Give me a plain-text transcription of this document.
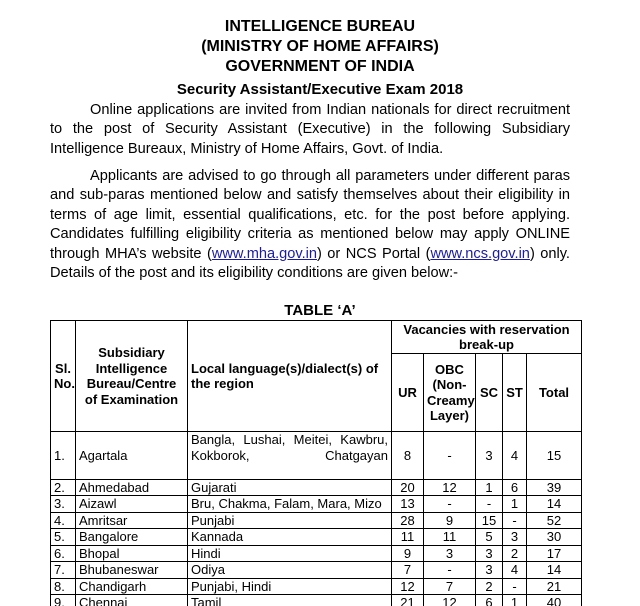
INTELLIGENCE BUREAU
(MINISTRY OF HOME AFFAIRS)
GOVERNMENT OF INDIA
Security Assistant/Executive Exam 2018

Online applications are invited from Indian nationals for direct recruitment to the post of Security Assistant (Executive) in the following Subsidiary Intelligence Bureaux, Ministry of Home Affairs, Govt. of India.

Applicants are advised to go through all parameters under different paras and sub-paras mentioned below and satisfy themselves about their eligibility in terms of age limit, essential qualifications, etc. for the post before applying. Candidates fulfilling eligibility criteria as mentioned below may apply ONLINE through MHA’s website (www.mha.gov.in) or NCS Portal (www.ncs.gov.in) only. Details of the post and its eligibility conditions are given below:-

TABLE ‘A’
Sl. No.	Subsidiary Intelligence Bureau/Centre of Examination	Local language(s)/dialect(s) of the region	Vacancies with reservation break-up				
			UR	OBC (Non-Creamy Layer)	SC	ST	Total
1.	Agartala	Bangla, Lushai, Meitei, Kawbru, Kokborok, Chatgayan	8	-	3	4	15
2.	Ahmedabad	Gujarati	20	12	1	6	39
3.	Aizawl	Bru, Chakma, Falam, Mara, Mizo	13	-	-	1	14
4.	Amritsar	Punjabi	28	9	15	-	52
5.	Bangalore	Kannada	11	11	5	3	30
6.	Bhopal	Hindi	9	3	3	2	17
7.	Bhubaneswar	Odiya	7	-	3	4	14
8.	Chandigarh	Punjabi, Hindi	12	7	2	-	21
9.	Chennai	Tamil	21	12	6	1	40
